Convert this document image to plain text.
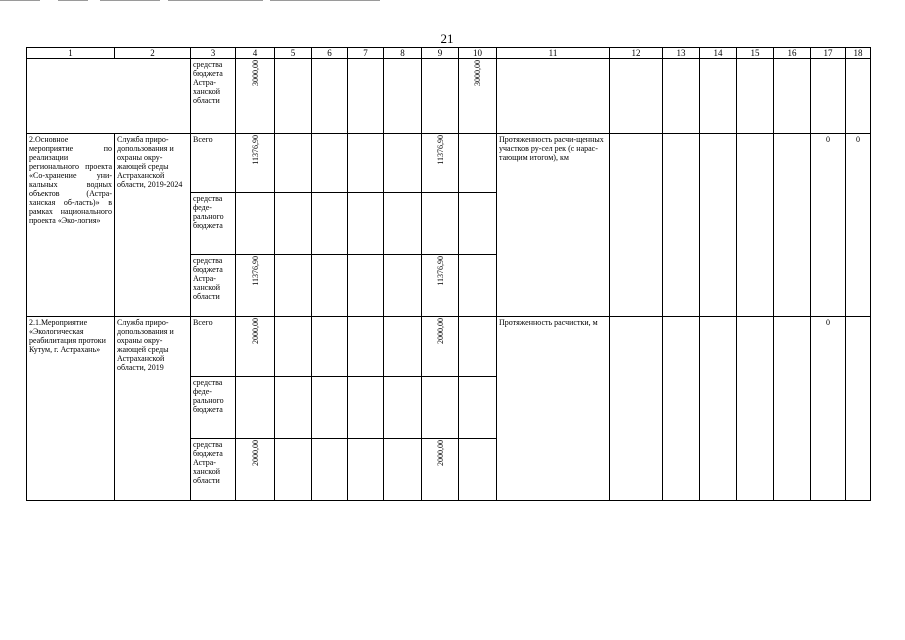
21
1	2	3	4	5	6	7	8	9	10	11	12	13	14	15	16	17	18
		средства бюджета Астра-ханской области	3000,00						3000,00								
2.Основное мероприятие по реализации регионального проекта «Со-хранение уни-кальных водных объектов (Астра-ханская об-ласть)» в рамках национального проекта «Эко-логия»	Служба приро-допользования и охраны окру-жающей среды Астраханской области, 2019-2024	Всего	11376,90					11376,90		Протяженность расчи-щенных участков ру-сел рек (с нарас-тающим итогом), км						0	0
		средства феде-рального бюджета															
		средства бюджета Астра-ханской области	11376,90					11376,90									
2.1.Мероприятие «Экологическая реабилитация протоки Кутум, г. Астрахань»	Служба приро-допользования и охраны окру-жающей среды Астраханской области, 2019	Всего	2000,00					2000,00		Протяженность расчистки, м						0	
		средства феде-рального бюджета															
		средства бюджета Астра-ханской области	2000,00					2000,00									
